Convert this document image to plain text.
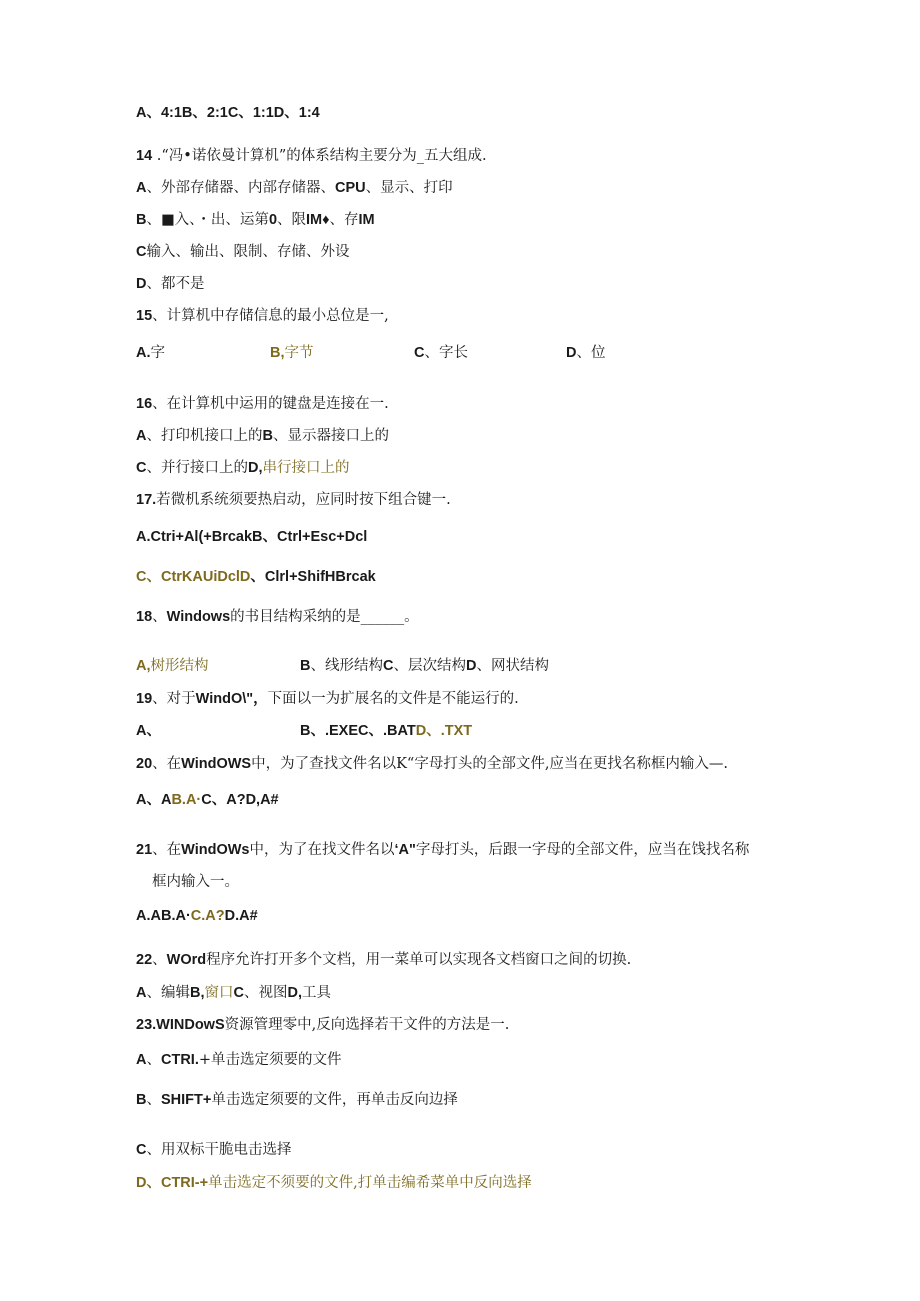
A、4:1B、2:1C、1:1D、1:4
14 .“冯•诺依曼计算机”的体系结构主要分为_五大组成.
A、外部存储器、内部存储器、CPU、显示、打印
B、■入、・出、运第0、限IM♦、存IM
C输入、输出、限制、存储、外设
D、都不是
15、计算机中存储信息的最小总位是一,
16、在计算机中运用的键盘是连接在一.
A、打印机接口上的B、显示器接口上的
C、并行接口上的D,串行接口上的
17.若微机系统须要热启动，应同时按下组合键一.
A.Ctri+Al(+BrcakB、Ctrl+Esc+Dcl
C、CtrKAUiDclD、Clrl+ShifHBrcak
18、Windows的书目结构采纳的是______。
19、对于WindO\"，下面以一为扩展名的文件是不能运行的.
20、在WindOWS中，为了查找文件名以K“字母打头的全部文件,应当在更找名称框内输入—.
A、AB.A·C、A?D,A#
21、在WindOWs中，为了在找文件名以‘A"字母打头，后跟一字母的全部文件，应当在饯找名称
框内输入一。
A.AB.A·C.A?D.A#
22、WOrd程序允许打开多个文档，用一菜单可以实现各文档窗口之间的切换.
A、编辑B,窗口C、视图D,工具
23.WINDowS资源管理零中,反向选择若干文件的方法是一.
A、CTRI.+单击选定须要的文件
B、SHIFT+单击选定须要的文件，再单击反向边择
C、用双标干脆电击选择
D、CTRI-+单击选定不须要的文件,打单击编希菜单中反向选择
A.字	B,字节	C、字长	D、位
A,树形结构	B、线形结构C、层次结构D、网状结构
A、	B、.EXEC、.BATD、.TXT
